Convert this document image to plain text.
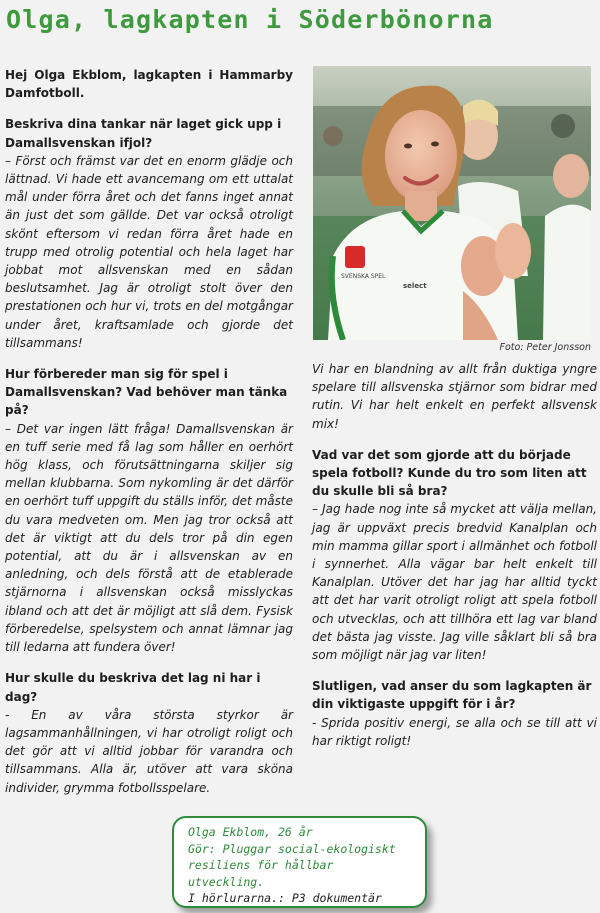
Olga, lagkapten i Söderbönorna

Hej Olga Ekblom, lagkapten i Hammarby Damfotboll.

Beskriva dina tankar när laget gick upp i Damallsvenskan ifjol?

– Först och främst var det en enorm glädje och lättnad. Vi hade ett avancemang om ett uttalat mål under förra året och det fanns inget annat än just det som gällde. Det var också otroligt skönt eftersom vi redan förra året hade en trupp med otrolig potential och hela laget har jobbat mot allsvenskan med en sådan beslutsamhet. Jag är otroligt stolt över den prestationen och hur vi, trots en del motgångar under året, kraftsamlade och gjorde det tillsammans!

Hur förbereder man sig för spel i Damallsvenskan? Vad behöver man tänka på?

– Det var ingen lätt fråga! Damallsvenskan är en tuff serie med få lag som håller en oerhört hög klass, och förutsättningarna skiljer sig mellan klubbarna. Som nykomling är det därför en oerhört tuff uppgift du ställs inför, det måste du vara medveten om. Men jag tror också att det är viktigt att du dels tror på din egen potential, att du är i allsvenskan av en anledning, och dels förstå att de etablerade stjärnorna i allsvenskan också misslyckas ibland och att det är möjligt att slå dem. Fysisk förberedelse, spelsystem och annat lämnar jag till ledarna att fundera över!

Hur skulle du beskriva det lag ni har i dag?

- En av våra största styrkor är lagsammanhållningen, vi har otroligt roligt och det gör att vi alltid jobbar för varandra och tillsammans. Alla är, utöver att vara sköna individer, grymma fotbollsspelare.

SVENSKA SPEL
select
Foto: Peter Jonsson

Vi har en blandning av allt från duktiga yngre spelare till allsvenska stjärnor som bidrar med rutin. Vi har helt enkelt en perfekt allsvensk mix!

Vad var det som gjorde att du började spela fotboll? Kunde du tro som liten att du skulle bli så bra?

– Jag hade nog inte så mycket att välja mellan, jag är uppväxt precis bredvid Kanalplan och min mamma gillar sport i allmänhet och fotboll i synnerhet. Alla vägar bar helt enkelt till Kanalplan. Utöver det har jag har alltid tyckt att det har varit otroligt roligt att spela fotboll och utvecklas, och att tillhöra ett lag var bland det bästa jag visste. Jag ville såklart bli så bra som möjligt när jag var liten!

Slutligen, vad anser du som lagkapten är din viktigaste uppgift för i år?

- Sprida positiv energi, se alla och se till att vi har riktigt roligt!

Olga Ekblom, 26 år
Gör: Pluggar social-ekologiskt resiliens för hållbar utveckling.
I hörlurarna.: P3 dokumentär
